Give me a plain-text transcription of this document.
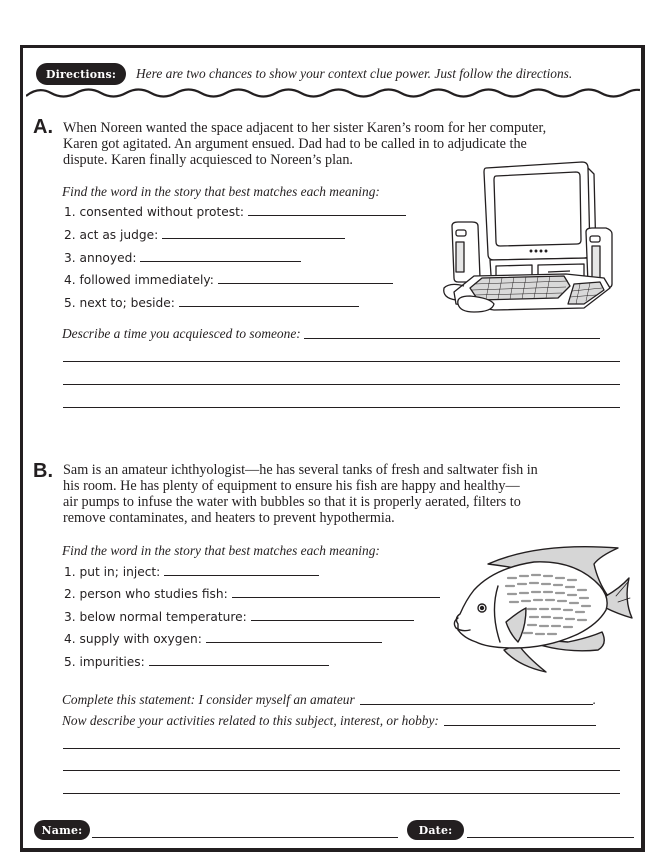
Directions: Here are two chances to show your context clue power. Just follow the directions.
A. When Noreen wanted the space adjacent to her sister Karen’s room for her computer,
Karen got agitated. An argument ensued. Dad had to be called in to adjudicate the
dispute. Karen finally acquiesced to Noreen’s plan.
Find the word in the story that best matches each meaning:
1. consented without protest:
2. act as judge:
3. annoyed:
4. followed immediately:
5. next to; beside:
Describe a time you acquiesced to someone:
B. Sam is an amateur ichthyologist—he has several tanks of fresh and saltwater fish in
his room. He has plenty of equipment to ensure his fish are happy and healthy—
air pumps to infuse the water with bubbles so that it is properly aerated, filters to
remove contaminates, and heaters to prevent hypothermia.
Find the word in the story that best matches each meaning:
1. put in; inject:
2. person who studies fish:
3. below normal temperature:
4. supply with oxygen:
5. impurities:
Complete this statement: I consider myself an amateur	.
Now describe your activities related to this subject, interest, or hobby:
Name:	Date:
